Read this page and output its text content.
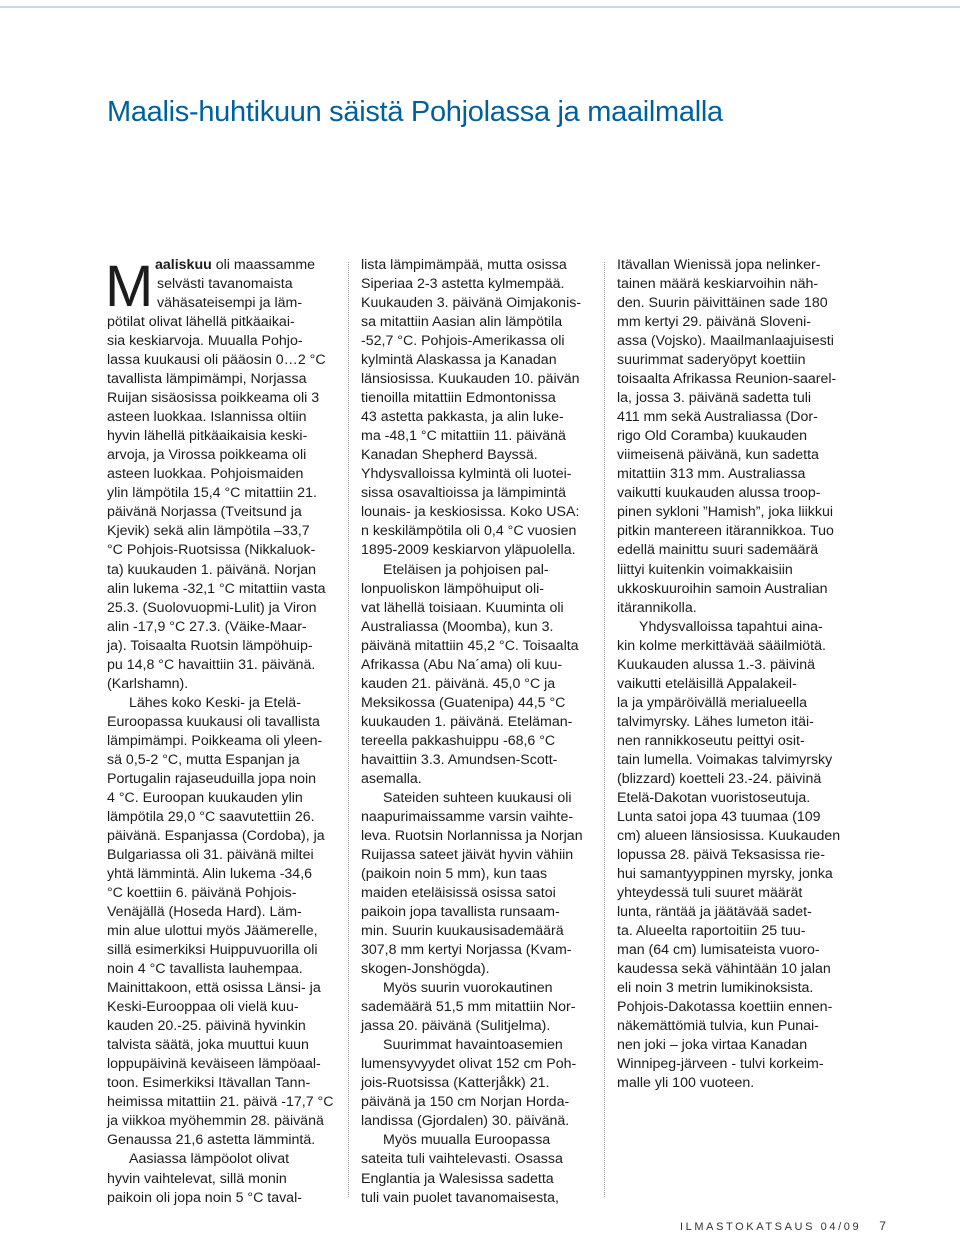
Maalis-huhtikuun säistä Pohjolassa ja maailmalla
M aaliskuu oli maassamme
selvästi tavanomaista
vähäsateisempi ja läm-
pötilat olivat lähellä pitkäaikai-
sia keskiarvoja. Muualla Pohjo-
lassa kuukausi oli pääosin 0…2 °C
tavallista lämpimämpi, Norjassa
Ruijan sisäosissa poikkeama oli 3
asteen luokkaa. Islannissa oltiin
hyvin lähellä pitkäaikaisia keski-
arvoja, ja Virossa poikkeama oli
asteen luokkaa. Pohjoismaiden
ylin lämpötila 15,4 °C mitattiin 21.
päivänä Norjassa (Tveitsund ja
Kjevik) sekä alin lämpötila –33,7
°C Pohjois-Ruotsissa (Nikkaluok-
ta) kuukauden 1. päivänä. Norjan
alin lukema -32,1 °C mitattiin vasta
25.3. (Suolovuopmi-Lulit) ja Viron
alin -17,9 °C 27.3. (Väike-Maar-
ja). Toisaalta Ruotsin lämpöhuip-
pu 14,8 °C havaittiin 31. päivänä.
(Karlshamn).
Lähes koko Keski- ja Etelä-
Euroopassa kuukausi oli tavallista
lämpimämpi. Poikkeama oli yleen-
sä 0,5-2 °C, mutta Espanjan ja
Portugalin rajaseuduilla jopa noin
4 °C. Euroopan kuukauden ylin
lämpötila 29,0 °C saavutettiin 26.
päivänä. Espanjassa (Cordoba), ja
Bulgariassa oli 31. päivänä miltei
yhtä lämmintä. Alin lukema -34,6
°C koettiin 6. päivänä Pohjois-
Venäjällä (Hoseda Hard). Läm-
min alue ulottui myös Jäämerelle,
sillä esimerkiksi Huippuvuorilla oli
noin 4 °C tavallista lauhempaa.
Mainittakoon, että osissa Länsi- ja
Keski-Eurooppaa oli vielä kuu-
kauden 20.-25. päivinä hyvinkin
talvista säätä, joka muuttui kuun
loppupäivinä keväiseen lämpöaal-
toon. Esimerkiksi Itävallan Tann-
heimissa mitattiin 21. päivä -17,7 °C
ja viikkoa myöhemmin 28. päivänä
Genaussa 21,6 astetta lämmintä.
Aasiassa lämpöolot olivat
hyvin vaihtelevat, sillä monin
paikoin oli jopa noin 5 °C taval-
lista lämpimämpää, mutta osissa
Siperiaa 2-3 astetta kylmempää.
Kuukauden 3. päivänä Oimjakonis-
sa mitattiin Aasian alin lämpötila
-52,7 °C. Pohjois-Amerikassa oli
kylmintä Alaskassa ja Kanadan
länsiosissa. Kuukauden 10. päivän
tienoilla mitattiin Edmontonissa
43 astetta pakkasta, ja alin luke-
ma -48,1 °C mitattiin 11. päivänä
Kanadan Shepherd Bayssä.
Yhdysvalloissa kylmintä oli luotei-
sissa osavaltioissa ja lämpimintä
lounais- ja keskiosissa. Koko USA:
n keskilämpötila oli 0,4 °C vuosien
1895-2009 keskiarvon yläpuolella.
Eteläisen ja pohjoisen pal-
lonpuoliskon lämpöhuiput oli-
vat lähellä toisiaan. Kuuminta oli
Australiassa (Moomba), kun 3.
päivänä mitattiin 45,2 °C. Toisaalta
Afrikassa (Abu Na´ama) oli kuu-
kauden 21. päivänä. 45,0 °C ja
Meksikossa (Guatenipa) 44,5 °C
kuukauden 1. päivänä. Eteläman-
tereella pakkashuippu -68,6 °C
havaittiin 3.3. Amundsen-Scott-
asemalla.
Sateiden suhteen kuukausi oli
naapurimaissamme varsin vaihte-
leva. Ruotsin Norlannissa ja Norjan
Ruijassa sateet jäivät hyvin vähiin
(paikoin noin 5 mm), kun taas
maiden eteläisissä osissa satoi
paikoin jopa tavallista runsaam-
min. Suurin kuukausisademäärä
307,8 mm kertyi Norjassa (Kvam-
skogen-Jonshögda).
Myös suurin vuorokautinen
sademäärä 51,5 mm mitattiin Nor-
jassa 20. päivänä (Sulitjelma).
Suurimmat havaintoasemien
lumensyvyydet olivat 152 cm Poh-
jois-Ruotsissa (Katterjåkk) 21.
päivänä ja 150 cm Norjan Horda-
landissa (Gjordalen) 30. päivänä.
Myös muualla Euroopassa
sateita tuli vaihtelevasti. Osassa
Englantia ja Walesissa sadetta
tuli vain puolet tavanomaisesta,
Itävallan Wienissä jopa nelinker-
tainen määrä keskiarvoihin näh-
den. Suurin päivittäinen sade 180
mm kertyi 29. päivänä Sloveni-
assa (Vojsko). Maailmanlaajuisesti
suurimmat saderyöpyt koettiin
toisaalta Afrikassa Reunion-saarel-
la, jossa 3. päivänä sadetta tuli
411 mm sekä Australiassa (Dor-
rigo Old Coramba) kuukauden
viimeisenä päivänä, kun sadetta
mitattiin 313 mm. Australiassa
vaikutti kuukauden alussa troop-
pinen sykloni ”Hamish”, joka liikkui
pitkin mantereen itärannikkoa. Tuo
edellä mainittu suuri sademäärä
liittyi kuitenkin voimakkaisiin
ukkoskuuroihin samoin Australian
itärannikolla.
Yhdysvalloissa tapahtui aina-
kin kolme merkittävää sääilmiötä.
Kuukauden alussa 1.-3. päivinä
vaikutti eteläisillä Appalakeil-
la ja ympäröivällä merialueella
talvimyrsky. Lähes lumeton itäi-
nen rannikkoseutu peittyi osit-
tain lumella. Voimakas talvimyrsky
(blizzard) koetteli 23.-24. päivinä
Etelä-Dakotan vuoristoseutuja.
Lunta satoi jopa 43 tuumaa (109
cm) alueen länsiosissa. Kuukauden
lopussa 28. päivä Teksasissa rie-
hui samantyyppinen myrsky, jonka
yhteydessä tuli suuret määrät
lunta, räntää ja jäätävää sadet-
ta. Alueelta raportoitiin 25 tuu-
man (64 cm) lumisateista vuoro-
kaudessa sekä vähintään 10 jalan
eli noin 3 metrin lumikinoksista.
Pohjois-Dakotassa koettiin ennen-
näkemättömiä tulvia, kun Punai-
nen joki – joka virtaa Kanadan
Winnipeg-järveen - tulvi korkeim-
malle yli 100 vuoteen.
ILMASTOKATSAUS 04/09 7
